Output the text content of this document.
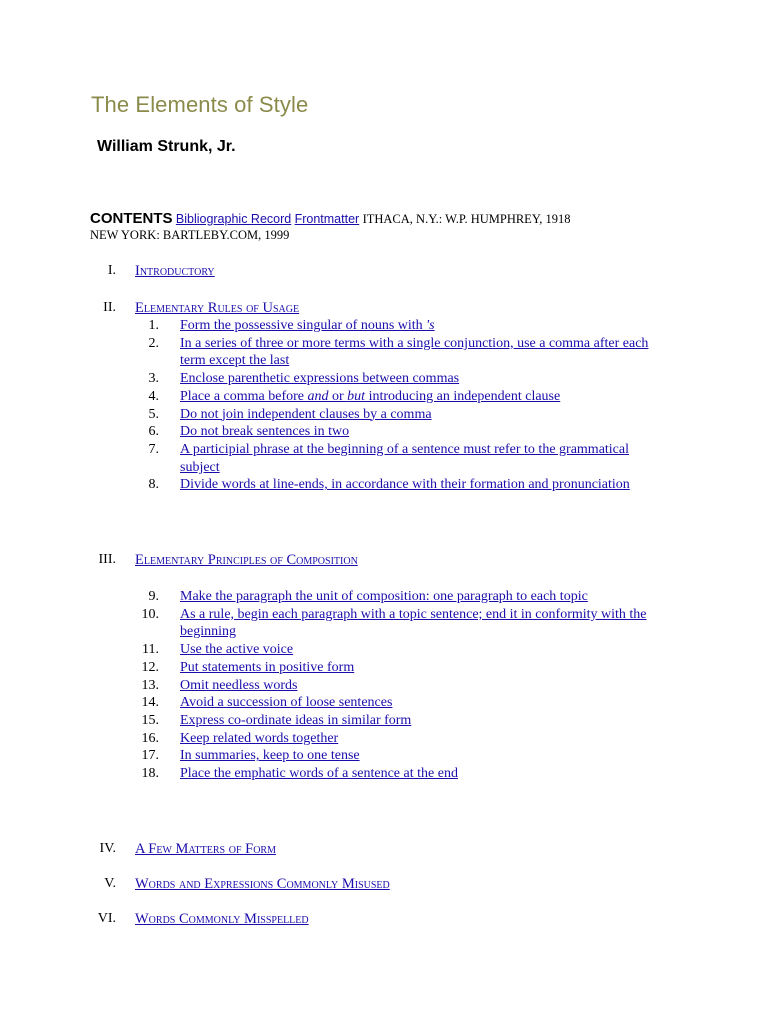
The Elements of Style
William Strunk, Jr.
CONTENTS Bibliographic Record Frontmatter ITHACA, N.Y.: W.P. HUMPHREY, 1918
NEW YORK: BARTLEBY.COM, 1999
I. Introductory
II. Elementary Rules of Usage
1. Form the possessive singular of nouns with 's
2. In a series of three or more terms with a single conjunction, use a comma after each term except the last
3. Enclose parenthetic expressions between commas
4. Place a comma before and or but introducing an independent clause
5. Do not join independent clauses by a comma
6. Do not break sentences in two
7. A participial phrase at the beginning of a sentence must refer to the grammatical subject
8. Divide words at line-ends, in accordance with their formation and pronunciation
III. Elementary Principles of Composition
9. Make the paragraph the unit of composition: one paragraph to each topic
10. As a rule, begin each paragraph with a topic sentence; end it in conformity with the beginning
11. Use the active voice
12. Put statements in positive form
13. Omit needless words
14. Avoid a succession of loose sentences
15. Express co-ordinate ideas in similar form
16. Keep related words together
17. In summaries, keep to one tense
18. Place the emphatic words of a sentence at the end
IV. A Few Matters of Form
V. Words and Expressions Commonly Misused
VI. Words Commonly Misspelled
